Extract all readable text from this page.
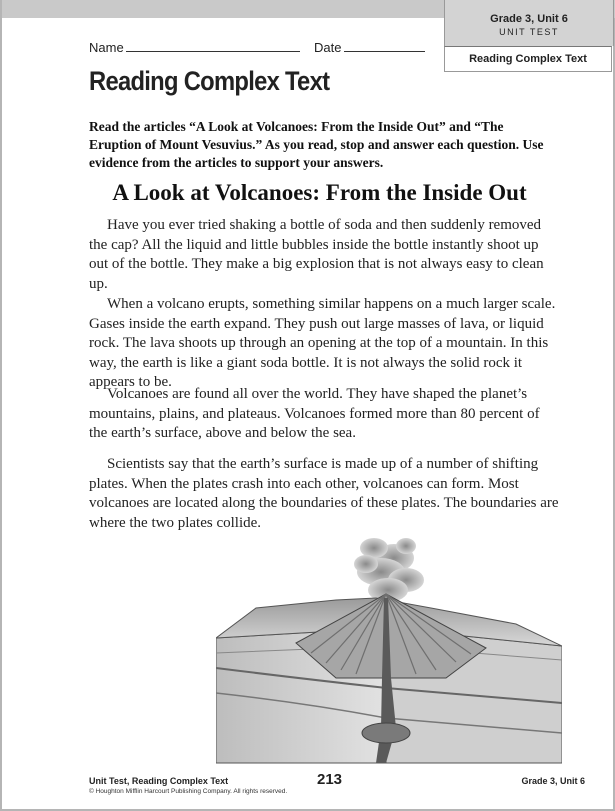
Grade 3, Unit 6
UNIT TEST
Reading Complex Text
Name	Date
Reading Complex Text
Read the articles “A Look at Volcanoes: From the Inside Out” and “The Eruption of Mount Vesuvius.” As you read, stop and answer each question. Use evidence from the articles to support your answers.
A Look at Volcanoes: From the Inside Out

Have you ever tried shaking a bottle of soda and then suddenly removed the cap? All the liquid and little bubbles inside the bottle instantly shoot up out of the bottle. They make a big explosion that is not always easy to clean up.

When a volcano erupts, something similar happens on a much larger scale. Gases inside the earth expand. They push out large masses of lava, or liquid rock. The lava shoots up through an opening at the top of a mountain. In this way, the earth is like a giant soda bottle. It is not always the solid rock it appears to be.

Volcanoes are found all over the world. They have shaped the planet’s mountains, plains, and plateaus. Volcanoes formed more than 80 percent of the earth’s surface, above and below the sea.

Scientists say that the earth’s surface is made up of a number of shifting plates. When the plates crash into each other, volcanoes can form. Most volcanoes are located along the boundaries of these plates. The boundaries are where the two plates collide.

Unit Test, Reading Complex Text
© Houghton Mifflin Harcourt Publishing Company. All rights reserved.
213	Grade 3, Unit 6
